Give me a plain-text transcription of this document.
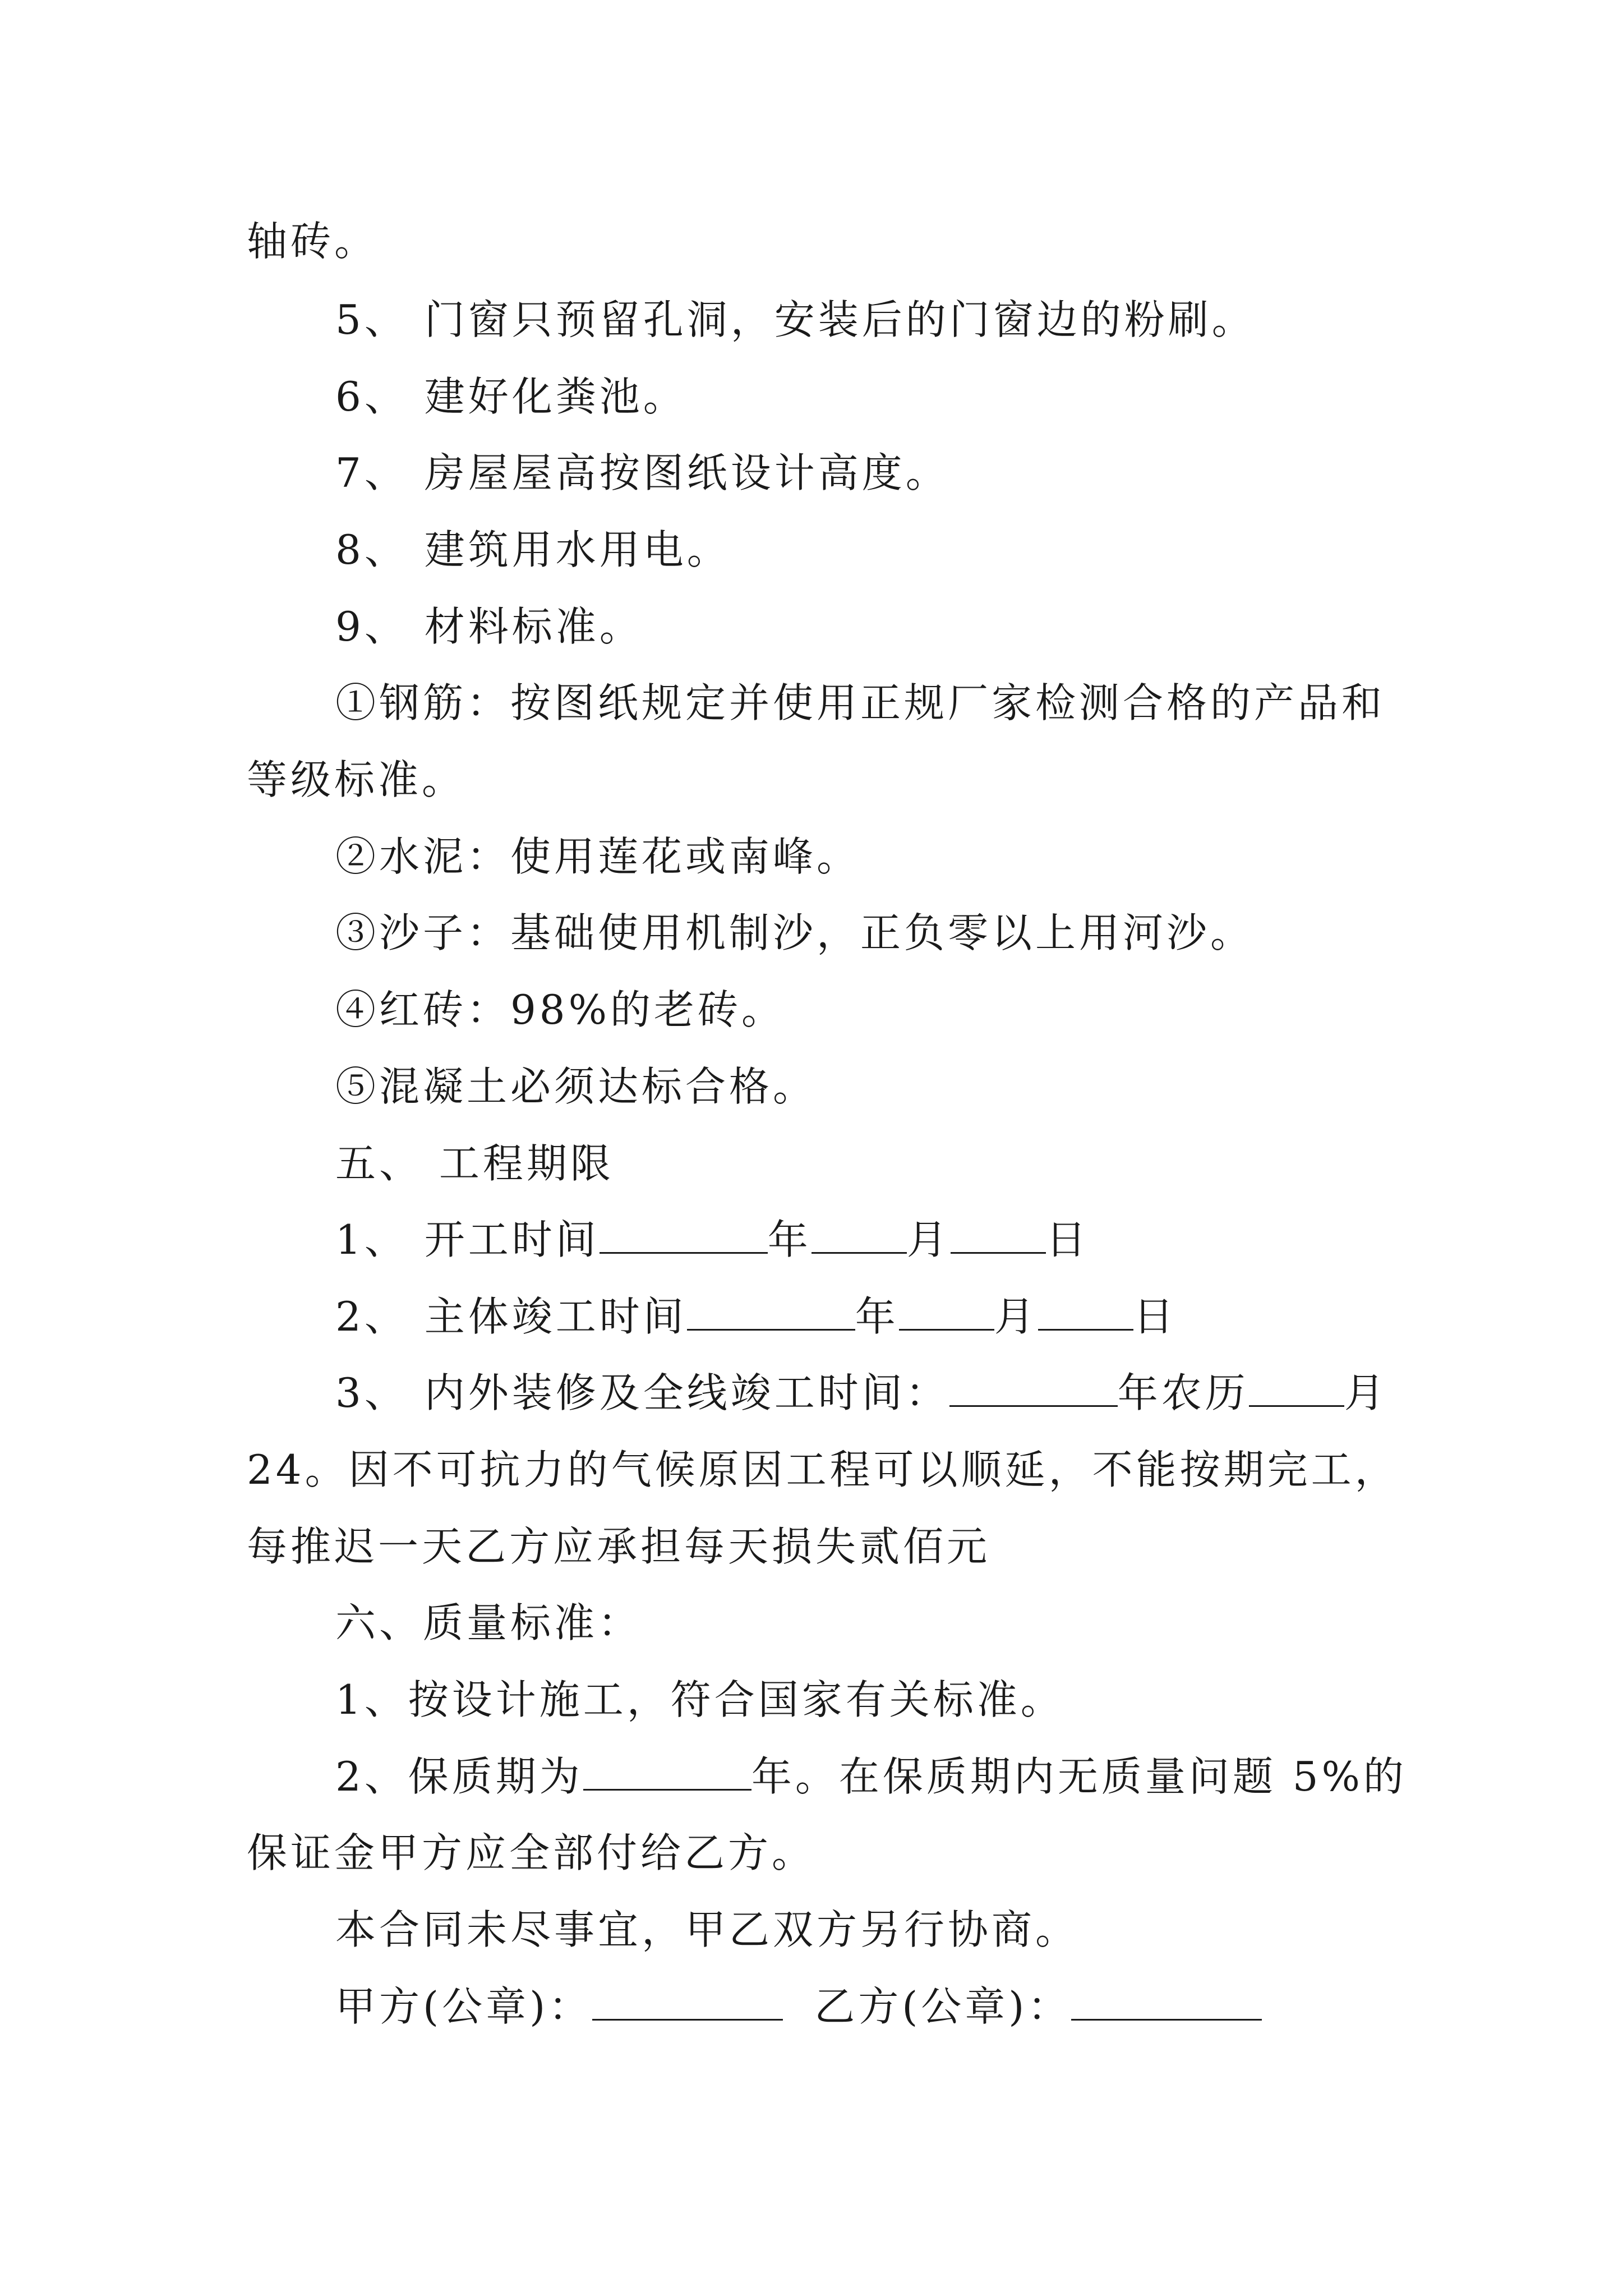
轴砖。
5、 门窗只预留孔洞，安装后的门窗边的粉刷。
6、 建好化粪池。
7、 房屋屋高按图纸设计高度。
8、 建筑用水用电。
9、 材料标准。
①钢筋：按图纸规定并使用正规厂家检测合格的产品和
等级标准。
②水泥：使用莲花或南峰。
③沙子：基础使用机制沙，正负零以上用河沙。
④红砖：98%的老砖。
⑤混凝土必须达标合格。
五、 工程期限
1、 开工时间	年 月 日
2、 主体竣工时间	年 月 日
3、 内外装修及全线竣工时间：	年农历 月
24。因不可抗力的气候原因工程可以顺延，不能按期完工，
每推迟一天乙方应承担每天损失贰佰元
六、质量标准：
1、按设计施工，符合国家有关标准。
2、保质期为	年。在保质期内无质量问题 5%的
保证金甲方应全部付给乙方。
本合同未尽事宜，甲乙双方另行协商。
甲方(公章)：	乙方(公章)：
